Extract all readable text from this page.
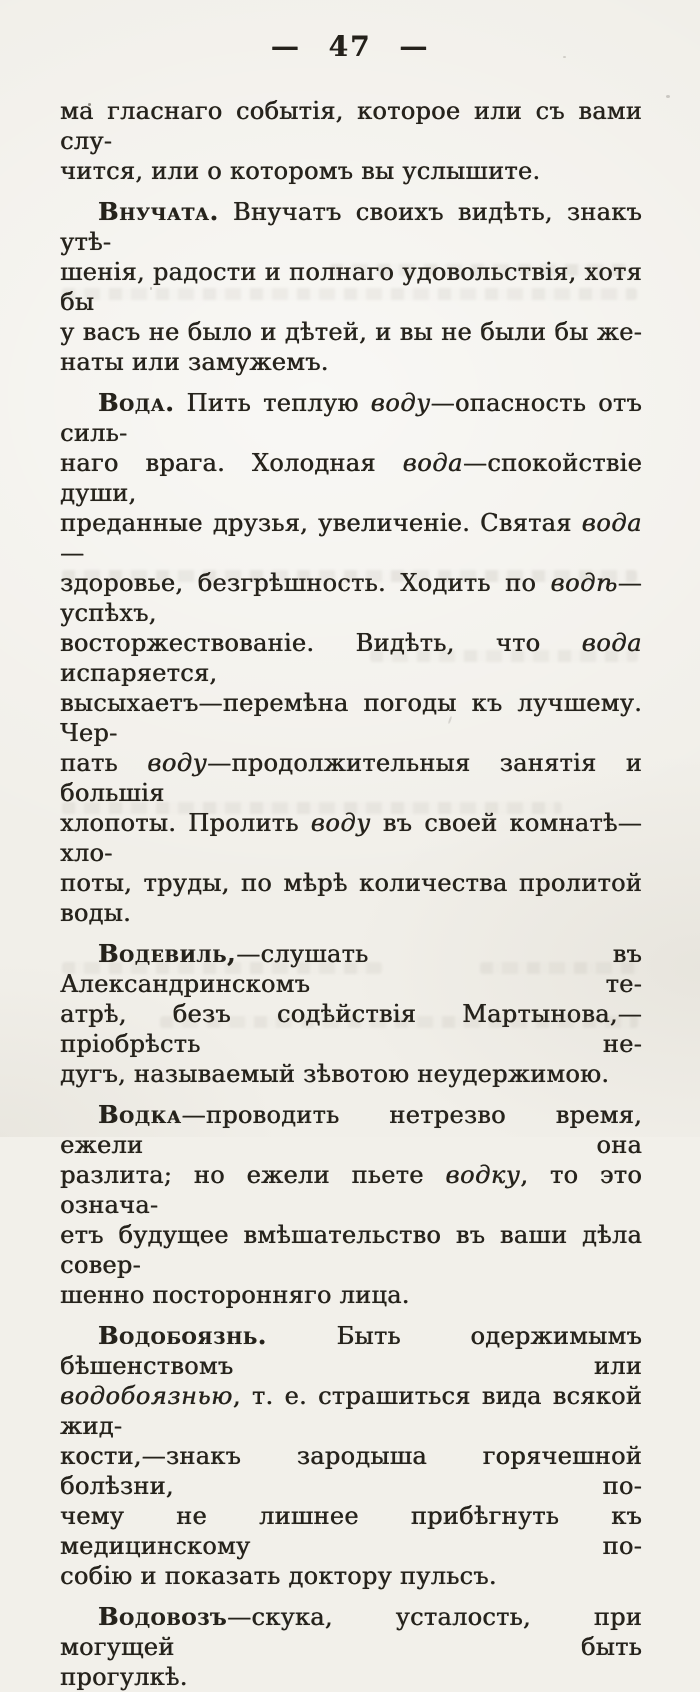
— 47 —
ма гласнаго событія, которое или съ вами слу-
чится, или о которомъ вы услышите.
Внучата. Внучатъ своихъ видѣть, знакъ утѣ-
шенія, радости и полнаго удовольствія, хотя бы
у васъ не было и дѣтей, и вы не были бы же-
наты или замужемъ.
Вода. Пить теплую воду—опасность отъ силь-
наго врага. Холодная вода—спокойствіе души,
преданные друзья, увеличеніе. Святая вода—
здоровье, безгрѣшность. Ходить по водѣ—успѣхъ,
восторжествованіе. Видѣть, что вода испаряется,
высыхаетъ—перемѣна погоды къ лучшему. Чер-
пать воду—продолжительныя занятія и большія
хлопоты. Пролить воду въ своей комнатѣ—хло-
поты, труды, по мѣрѣ количества пролитой воды.
Водевиль,—слушать въ Александринскомъ те-
атрѣ, безъ содѣйствія Мартынова,—пріобрѣсть не-
дугъ, называемый зѣвотою неудержимою.
Водка—проводить нетрезво время, ежели она
разлита; но ежели пьете водку, то это означа-
етъ будущее вмѣшательство въ ваши дѣла совер-
шенно посторонняго лица.
Водобоязнь. Быть одержимымъ бѣшенствомъ или
водобоязнью, т. е. страшиться вида всякой жид-
кости,—знакъ зародыша горячешной болѣзни, по-
чему не лишнее прибѣгнуть къ медицинскому по-
собію и показать доктору пульсъ.
Водовозъ—скука, усталость, при могущей быть
прогулкѣ.
